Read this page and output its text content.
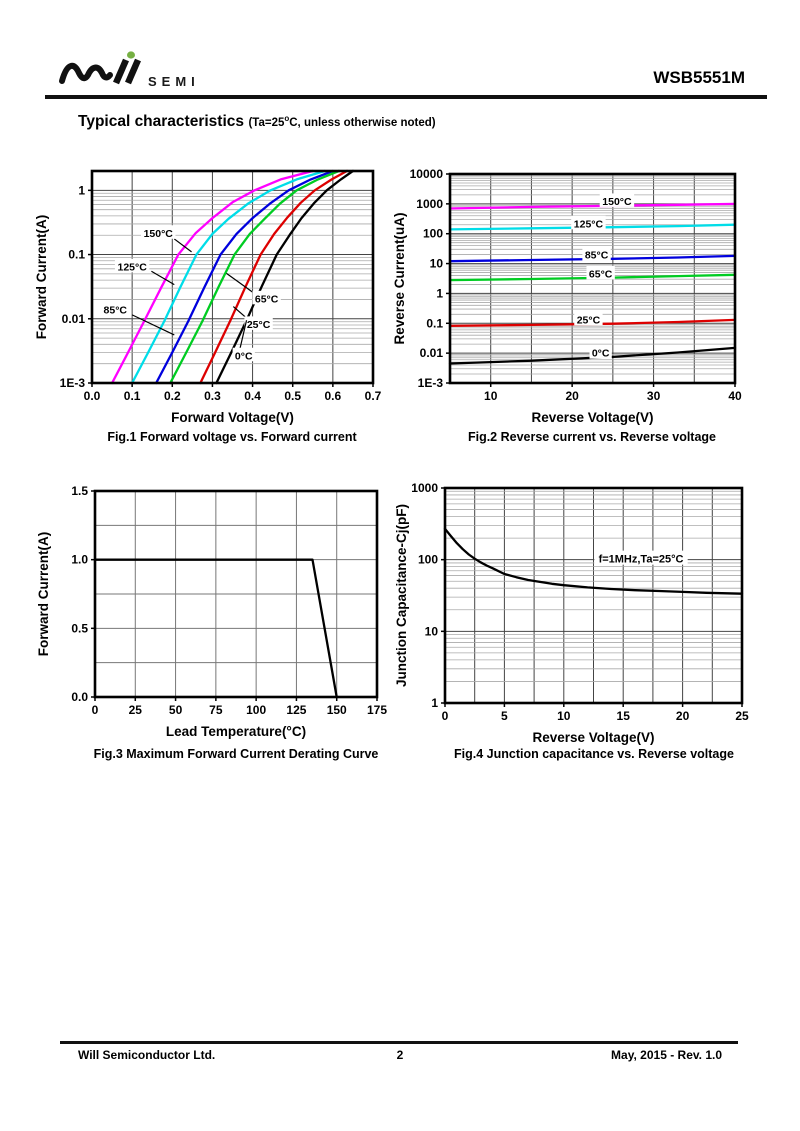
SEMI	WSB5551M
Typical characteristics ($Ta=25^oC$, unless otherwise noted)
150°C
125°C
85°C
65°C
25°C
0°C
0.0 0.1 0.2 0.3 0.4 0.5 0.6 0.7
1
0.1
0.01
1E-3
Forward Voltage(V)
Forward Current(A)
Fig.1 Forward voltage vs. Forward current
150°C
125°C
85°C
65°C
25°C
0°C
10	20	30	40
10000
1000
100
10
1
0.1
0.01
1E-3
Reverse Voltage(V)
Reverse Current(uA)
Fig.2 Reverse current vs. Reverse voltage
0	25 50 75 100 125 150 175
1.5
1.0
0.5
0.0
Lead Temperature(°C)
Forward Current(A)
Fig.3 Maximum Forward Current Derating Curve
f=1MHz,Ta=25°C
0	5	10	15	20	25
1000
100
10
1
Reverse Voltage(V)
Junction Capacitance-Cj(pF)
Fig.4 Junction capacitance vs. Reverse voltage
Will Semiconductor Ltd.	2	May, 2015 - Rev. 1.0
